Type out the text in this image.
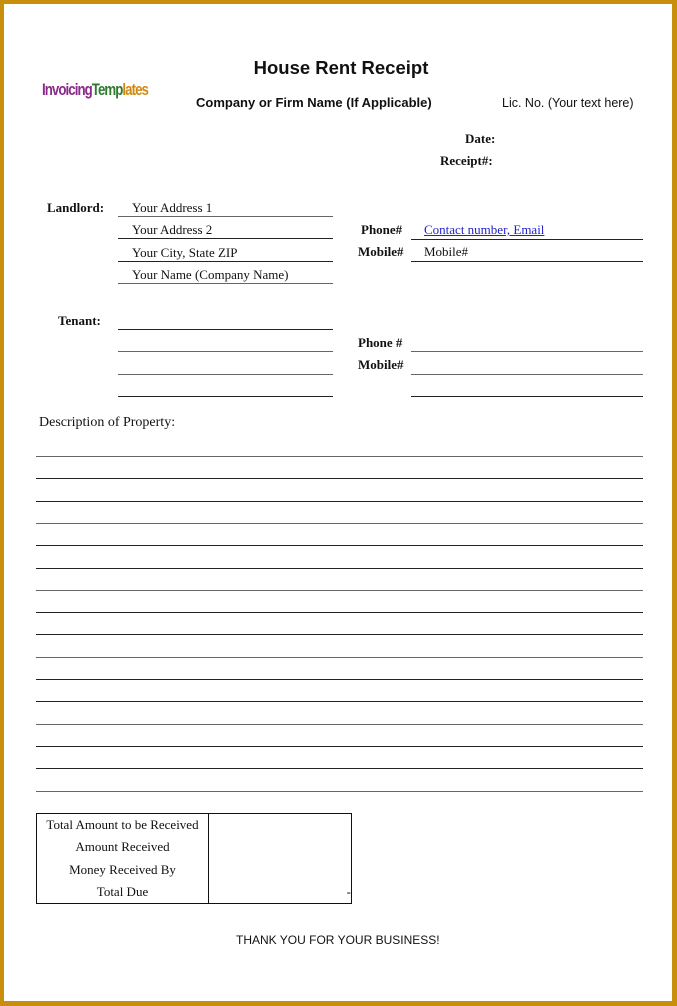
InvoicingTemplates
House Rent Receipt
Company or Firm Name (If Applicable)	Lic. No. (Your text here)
Date:
Receipt#:
Landlord: Your Address 1
Your Address 2
Your City, State ZIP
Your Name (Company Name)
Phone# Contact number, Email
Mobile# Mobile#
Tenant:
Phone #
Mobile#
Description of Property:
Total Amount to be Received
Amount Received
Money Received By
Total Due	-
THANK YOU FOR YOUR BUSINESS!
